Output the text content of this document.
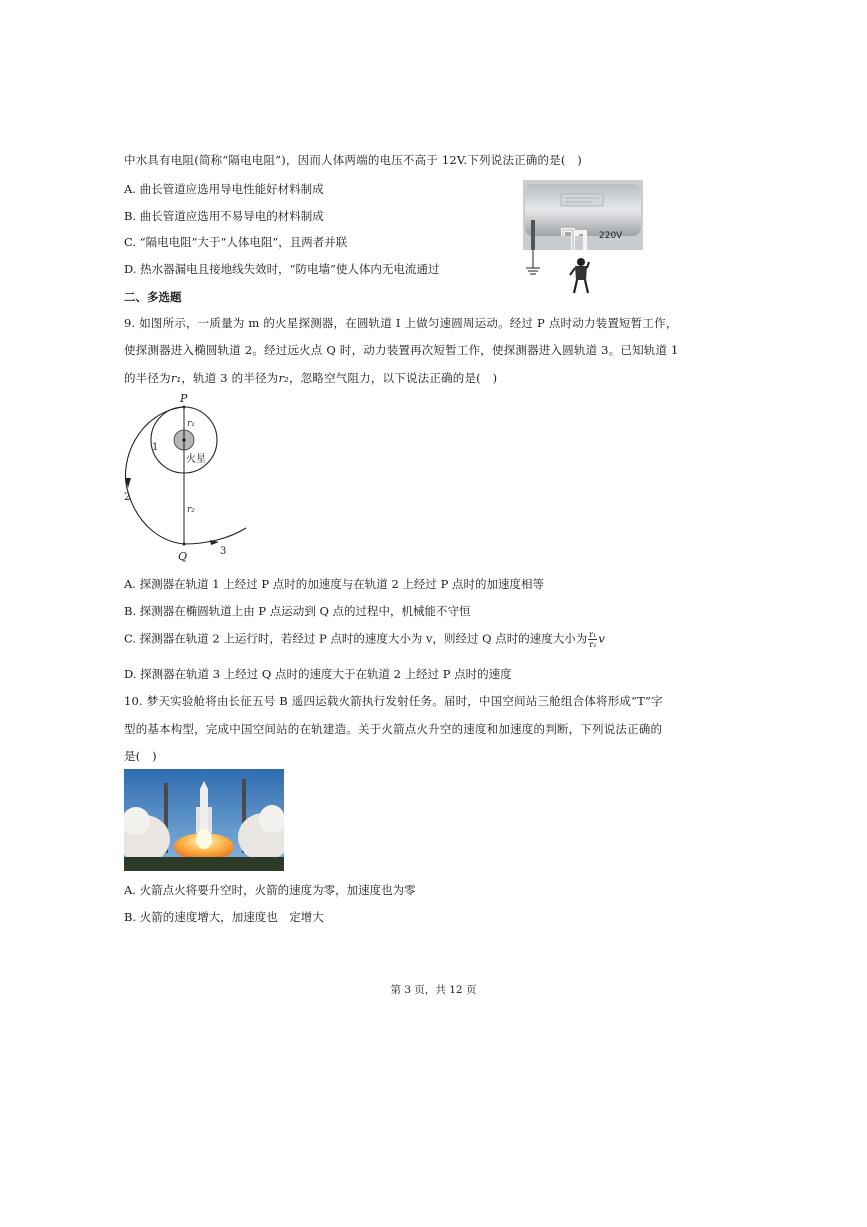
中水具有电阻(简称“隔电电阻”)，因而人体两端的电压不高于 12V.下列说法正确的是(　)
A. 曲长管道应选用导电性能好材料制成
B. 曲长管道应选用不易导电的材料制成
C. “隔电电阻”大于“人体电阻”，且两者并联
D. 热水器漏电且接地线失效时，“防电墙”使人体内无电流通过
220V
二、多选题
9. 如图所示，一质量为 m 的火星探测器，在圆轨道 I 上做匀速圆周运动。经过 P 点时动力装置短暂工作，
使探测器进入椭圆轨道 2。经过远火点 Q 时，动力装置再次短暂工作，使探测器进入圆轨道 3。已知轨道 1
的半径为r₁，轨道 3 的半径为r₂，忽略空气阻力，以下说法正确的是(　)
P
Q
r₁
r₂
1
2
3
火星
A. 探测器在轨道 1 上经过 P 点时的加速度与在轨道 2 上经过 P 点时的加速度相等
B. 探测器在椭圆轨道上由 P 点运动到 Q 点的过程中，机械能不守恒
C. 探测器在轨道 2 上运行时，若经过 P 点时的速度大小为 v，则经过 Q 点时的速度大小为 $\frac{\text{r₁}}{\text{r₂}}$ v
D. 探测器在轨道 3 上经过 Q 点时的速度大于在轨道 2 上经过 P 点时的速度
10. 梦天实验舱将由长征五号 B 遥四运载火箭执行发射任务。届时，中国空间站三舱组合体将形成“T”字
型的基本构型，完成中国空间站的在轨建造。关于火箭点火升空的速度和加速度的判断，下列说法正确的
是(　)
A. 火箭点火将要升空时，火箭的速度为零，加速度也为零
B. 火箭的速度增大，加速度也　定增大
第 3 页，共 12 页
